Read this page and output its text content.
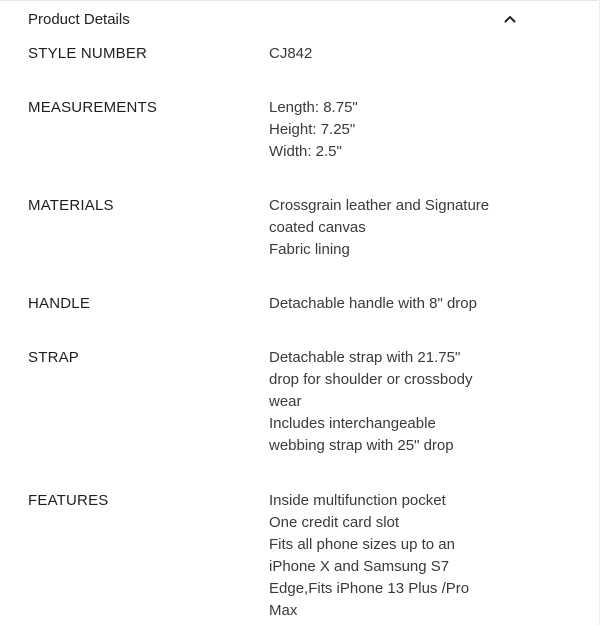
Product Details
STYLE NUMBER	CJ842
MEASUREMENTS	Length: 8.75"
Height: 7.25"
Width: 2.5"
MATERIALS	Crossgrain leather and Signature
coated canvas
Fabric lining
HANDLE	Detachable handle with 8" drop
STRAP	Detachable strap with 21.75"
drop for shoulder or crossbody
wear
Includes interchangeable
webbing strap with 25" drop
FEATURES	Inside multifunction pocket
One credit card slot
Fits all phone sizes up to an
iPhone X and Samsung S7
Edge,Fits iPhone 13 Plus /Pro
Max
